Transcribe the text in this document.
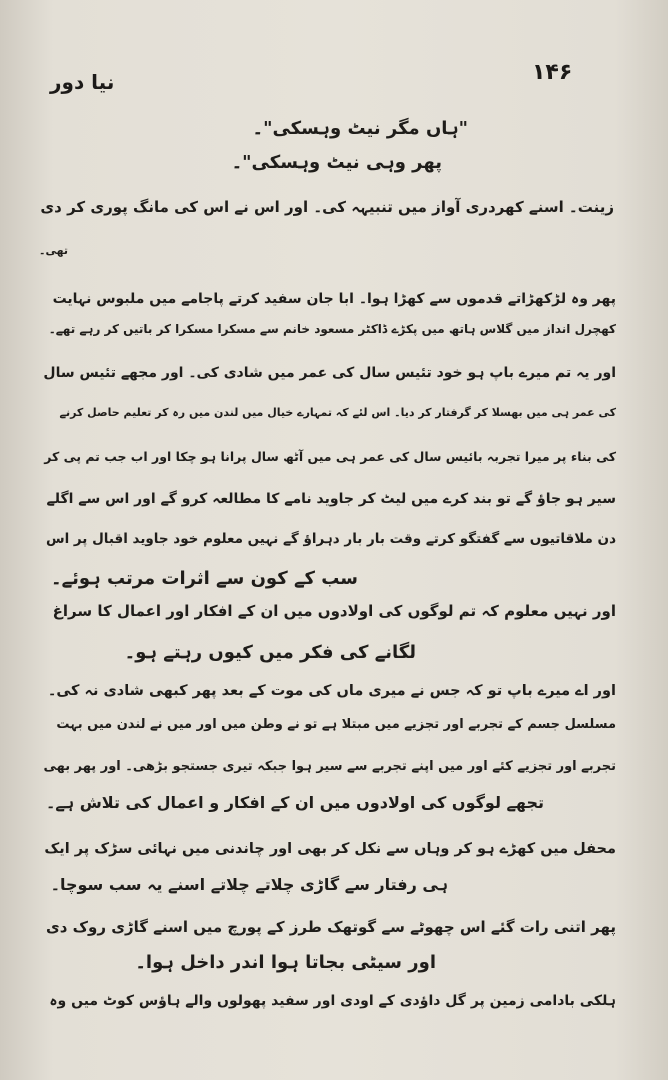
۱۴۶
نیا دور
"ہاں مگر نیٹ وہسکی"۔
پھر وہی نیٹ وہسکی"۔
زینت۔ اسنے کھردری آواز میں تنبیہہ کی۔ اور اس نے اس کی مانگ پوری کر دی
تھی۔
پھر وہ لڑکھڑاتے قدموں سے کھڑا ہوا۔ ابا جان سفید کرتے پاجامے میں ملبوس نہایت
کھچرل انداز میں گلاس ہاتھ میں پکڑے ڈاکٹر مسعود خانم سے مسکرا مسکرا کر باتیں کر رہے تھے۔
اور یہ تم میرے باپ ہو خود تئیس سال کی عمر میں شادی کی۔ اور مجھے تئیس سال
کی عمر ہی میں بھسلا کر گرفتار کر دیا۔ اس لئے کہ تمہارے خیال میں لندن میں رہ کر تعلیم حاصل کرنے
کی بناء پر میرا تجربہ بائیس سال کی عمر ہی میں آٹھ سال پرانا ہو چکا اور اب جب تم پی کر
سیر ہو جاؤ گے تو بند کرے میں لیٹ کر جاوید نامے کا مطالعہ کرو گے اور اس سے اگلے
دن ملاقاتیوں سے گفتگو کرتے وقت بار بار دہراؤ گے نہیں معلوم خود جاوید اقبال پر اس
سب کے کون سے اثرات مرتب ہوئے۔
اور نہیں معلوم کہ تم لوگوں کی اولادوں میں ان کے افکار اور اعمال کا سراغ
لگانے کی فکر میں کیوں رہتے ہو۔
اور اے میرے باپ تو کہ جس نے میری ماں کی موت کے بعد پھر کبھی شادی نہ کی۔
مسلسل جسم کے تجربے اور تجزیے میں مبتلا ہے تو نے وطن میں اور میں نے لندن میں بہت
تجربے اور تجزیے کئے اور میں اپنے تجربے سے سیر ہوا جبکہ تیری جستجو بڑھی۔ اور پھر بھی
تجھے لوگوں کی اولادوں میں ان کے افکار و اعمال کی تلاش ہے۔
محفل میں کھڑے ہو کر وہاں سے نکل کر بھی اور چاندنی میں نہائی سڑک پر ایک
ہی رفتار سے گاڑی چلاتے چلاتے اسنے یہ سب سوچا۔
پھر اتنی رات گئے اس چھوٹے سے گوتھک طرز کے پورچ میں اسنے گاڑی روک دی
اور سیٹی بجاتا ہوا اندر داخل ہوا۔
ہلکی بادامی زمین پر گل داؤدی کے اودی اور سفید پھولوں والے ہاؤس کوٹ میں وہ
